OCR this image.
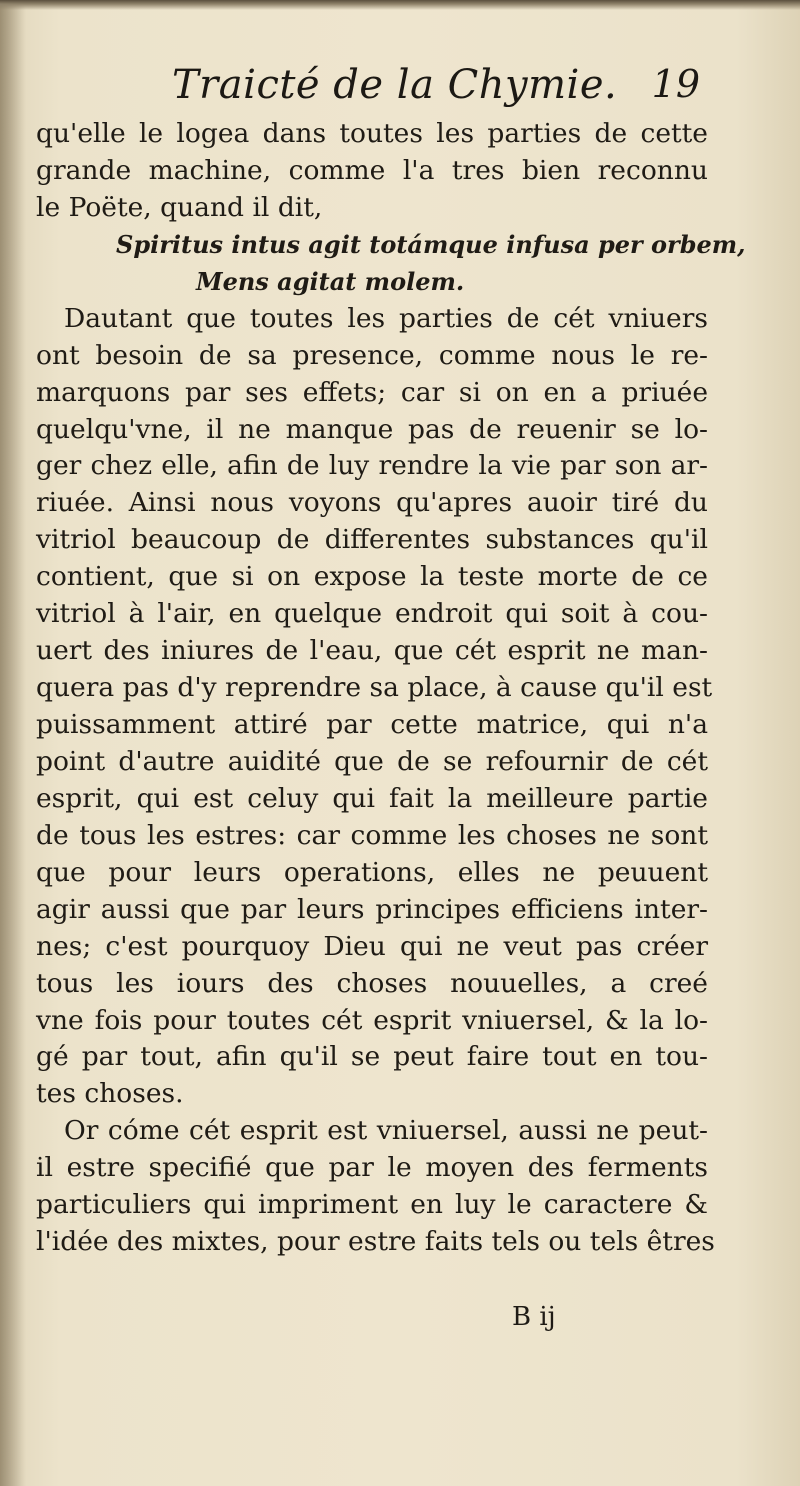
Traicté de la Chymie. 19
qu'elle le logea dans toutes les parties de cette
grande machine, comme l'a tres bien reconnu
le Poëte, quand il dit,
Spiritus intus agit totámque infusa per orbem,
Mens agitat molem.
Dautant que toutes les parties de cét vniuers
ont besoin de sa presence, comme nous le re-
marquons par ses effets; car si on en a priuée
quelqu'vne, il ne manque pas de reuenir se lo-
ger chez elle, afin de luy rendre la vie par son ar-
riuée. Ainsi nous voyons qu'apres auoir tiré du
vitriol beaucoup de differentes substances qu'il
contient, que si on expose la teste morte de ce
vitriol à l'air, en quelque endroit qui soit à cou-
uert des iniures de l'eau, que cét esprit ne man-
quera pas d'y reprendre sa place, à cause qu'il est
puissamment attiré par cette matrice, qui n'a
point d'autre auidité que de se refournir de cét
esprit, qui est celuy qui fait la meilleure partie
de tous les estres: car comme les choses ne sont
que pour leurs operations, elles ne peuuent
agir aussi que par leurs principes efficiens inter-
nes; c'est pourquoy Dieu qui ne veut pas créer
tous les iours des choses nouuelles, a creé
vne fois pour toutes cét esprit vniuersel, & la lo-
gé par tout, afin qu'il se peut faire tout en tou-
tes choses.
Or cóme cét esprit est vniuersel, aussi ne peut-
il estre specifié que par le moyen des ferments
particuliers qui impriment en luy le caractere &
l'idée des mixtes, pour estre faits tels ou tels êtres
B ij
